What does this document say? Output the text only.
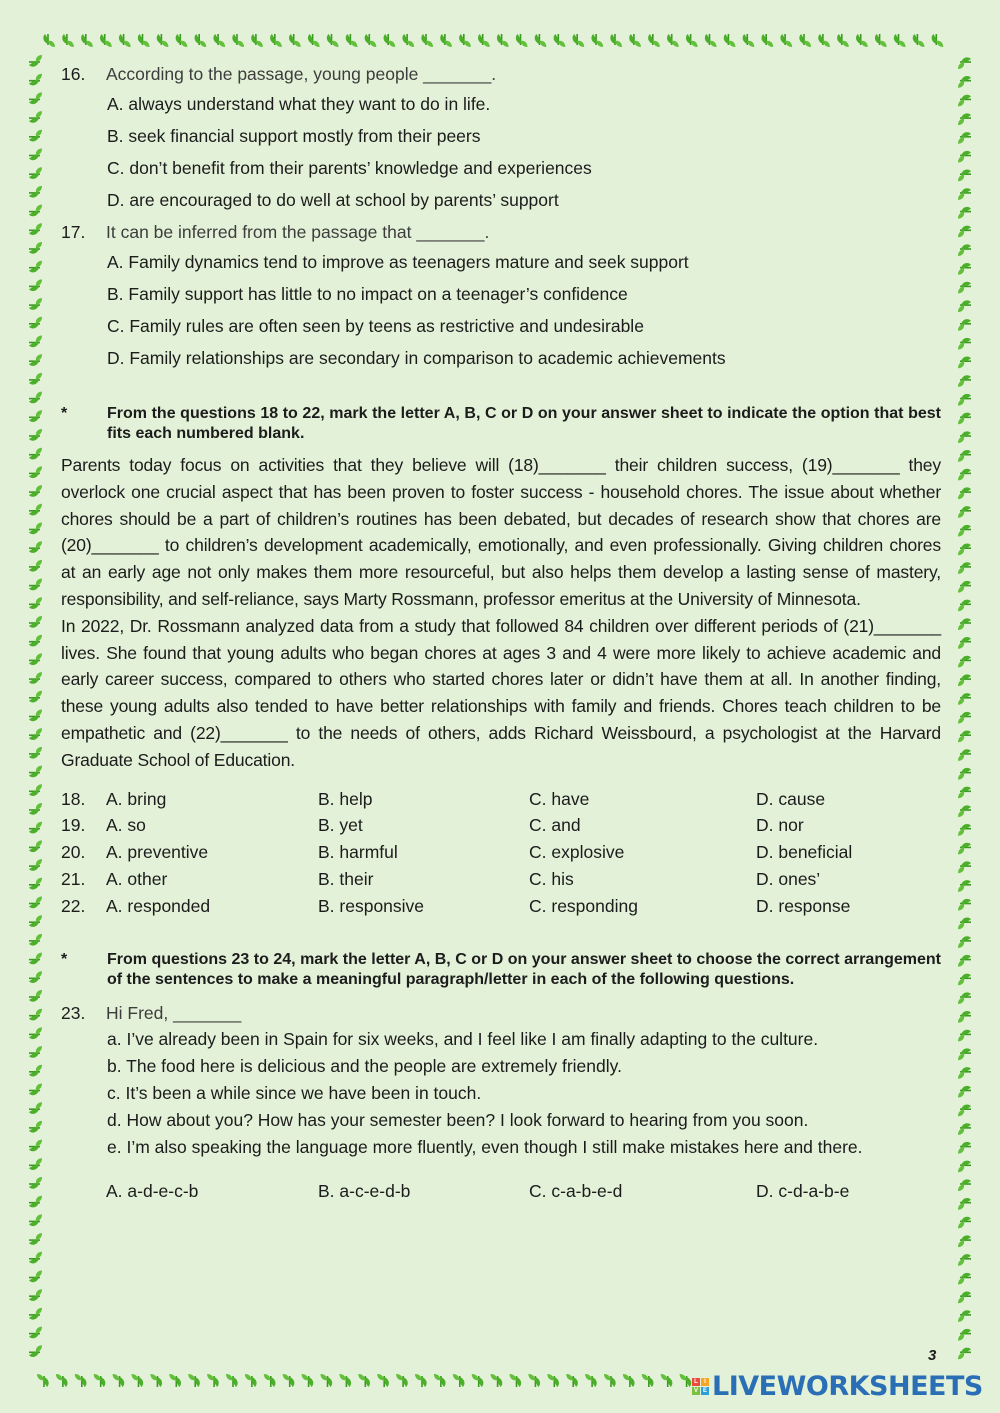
16.	According to the passage, young people _______.
A. always understand what they want to do in life.
B. seek financial support mostly from their peers
C. don’t benefit from their parents’ knowledge and experiences
D. are encouraged to do well at school by parents’ support
17.	It can be inferred from the passage that _______.
A. Family dynamics tend to improve as teenagers mature and seek support
B. Family support has little to no impact on a teenager’s confidence
C. Family rules are often seen by teens as restrictive and undesirable
D. Family relationships are secondary in comparison to academic achievements
*	From the questions 18 to 22, mark the letter A, B, C or D on your answer sheet to indicate the option that best fits each numbered blank.
Parents today focus on activities that they believe will (18)_______ their children success, (19)_______ they overlock one crucial aspect that has been proven to foster success - household chores. The issue about whether chores should be a part of children’s routines has been debated, but decades of research show that chores are (20)_______ to children’s development academically, emotionally, and even professionally. Giving children chores at an early age not only makes them more resourceful, but also helps them develop a lasting sense of mastery, responsibility, and self-reliance, says Marty Rossmann, professor emeritus at the University of Minnesota.
In 2022, Dr. Rossmann analyzed data from a study that followed 84 children over different periods of (21)_______ lives. She found that young adults who began chores at ages 3 and 4 were more likely to achieve academic and early career success, compared to others who started chores later or didn’t have them at all. In another finding, these young adults also tended to have better relationships with family and friends. Chores teach children to be empathetic and (22)_______ to the needs of others, adds Richard Weissbourd, a psychologist at the Harvard Graduate School of Education.
18.	A. bring	B. help	C. have	D. cause
19.	A. so	B. yet	C. and	D. nor
20.	A. preventive	B. harmful	C. explosive	D. beneficial
21.	A. other	B. their	C. his	D. ones’
22.	A. responded	B. responsive	C. responding	D. response
*	From questions 23 to 24, mark the letter A, B, C or D on your answer sheet to choose the correct arrangement of the sentences to make a meaningful paragraph/letter in each of the following questions.
23.	Hi Fred, _______
a. I’ve already been in Spain for six weeks, and I feel like I am finally adapting to the culture.
b. The food here is delicious and the people are extremely friendly.
c. It’s been a while since we have been in touch.
d. How about you? How has your semester been? I look forward to hearing from you soon.
e. I’m also speaking the language more fluently, even though I still make mistakes here and there.
A. a-d-e-c-b	B. a-c-e-d-b	C. c-a-b-e-d	D. c-d-a-b-e
3
L	I
V E LIVEWORKSHEETS
